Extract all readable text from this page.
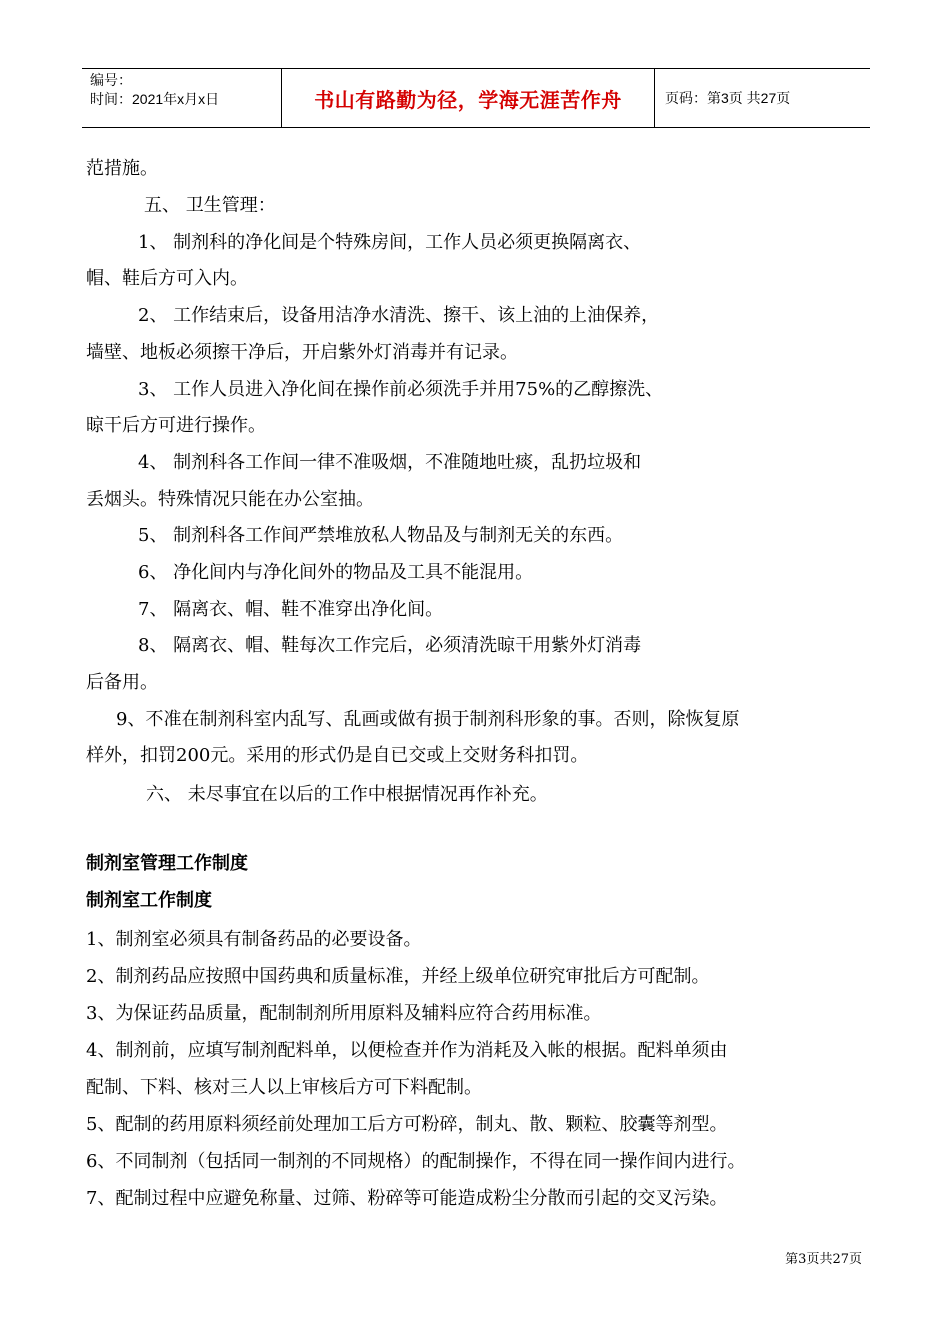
编号：
时间：2021年x月x日	书山有路勤为径，学海无涯苦作舟	页码：第3页 共27页
范措施。
五、 卫生管理：
1、 制剂科的净化间是个特殊房间，工作人员必须更换隔离衣、
帽、鞋后方可入内。
2、 工作结束后，设备用洁净水清洗、擦干、该上油的上油保养，
墙壁、地板必须擦干净后，开启紫外灯消毒并有记录。
3、 工作人员进入净化间在操作前必须洗手并用75%的乙醇擦洗、
晾干后方可进行操作。
4、 制剂科各工作间一律不准吸烟，不准随地吐痰，乱扔垃圾和
丢烟头。特殊情况只能在办公室抽。
5、 制剂科各工作间严禁堆放私人物品及与制剂无关的东西。
6、 净化间内与净化间外的物品及工具不能混用。
7、 隔离衣、帽、鞋不准穿出净化间。
8、 隔离衣、帽、鞋每次工作完后，必须清洗晾干用紫外灯消毒
后备用。
9、不准在制剂科室内乱写、乱画或做有损于制剂科形象的事。否则，除恢复原
样外，扣罚200元。采用的形式仍是自已交或上交财务科扣罚。
六、 未尽事宜在以后的工作中根据情况再作补充。
制剂室管理工作制度
制剂室工作制度
1、制剂室必须具有制备药品的必要设备。
2、制剂药品应按照中国药典和质量标准，并经上级单位研究审批后方可配制。
3、为保证药品质量，配制制剂所用原料及辅料应符合药用标准。
4、制剂前，应填写制剂配料单，以便检查并作为消耗及入帐的根据。配料单须由
配制、下料、核对三人以上审核后方可下料配制。
5、配制的药用原料须经前处理加工后方可粉碎，制丸、散、颗粒、胶囊等剂型。
6、不同制剂（包括同一制剂的不同规格）的配制操作，不得在同一操作间内进行。
7、配制过程中应避免称量、过筛、粉碎等可能造成粉尘分散而引起的交叉污染。
第3页共27页
